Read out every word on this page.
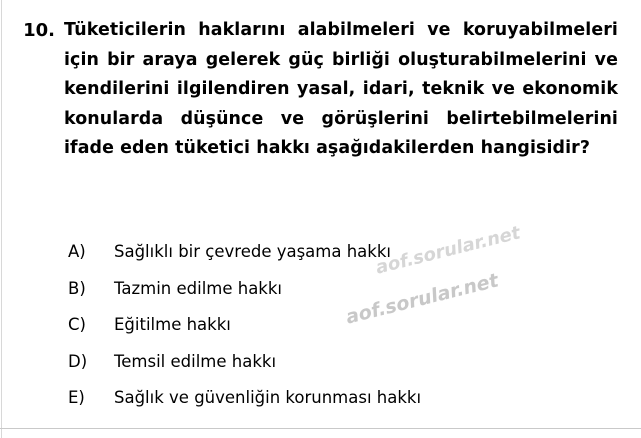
10. Tüketicilerin haklarını alabilmeleri ve koruyabilmeleri için bir araya gelerek güç birliği oluşturabilmelerini ve kendilerini ilgilendiren yasal, idari, teknik ve ekonomik konularda düşünce ve görüşlerini belirtebilmelerini ifade eden tüketici hakkı aşağıdakilerden hangisidir?
aof.sorular.net
aof.sorular.net
A)	Sağlıklı bir çevrede yaşama hakkı
B)	Tazmin edilme hakkı
C)	Eğitilme hakkı
D)	Temsil edilme hakkı
E)	Sağlık ve güvenliğin korunması hakkı
